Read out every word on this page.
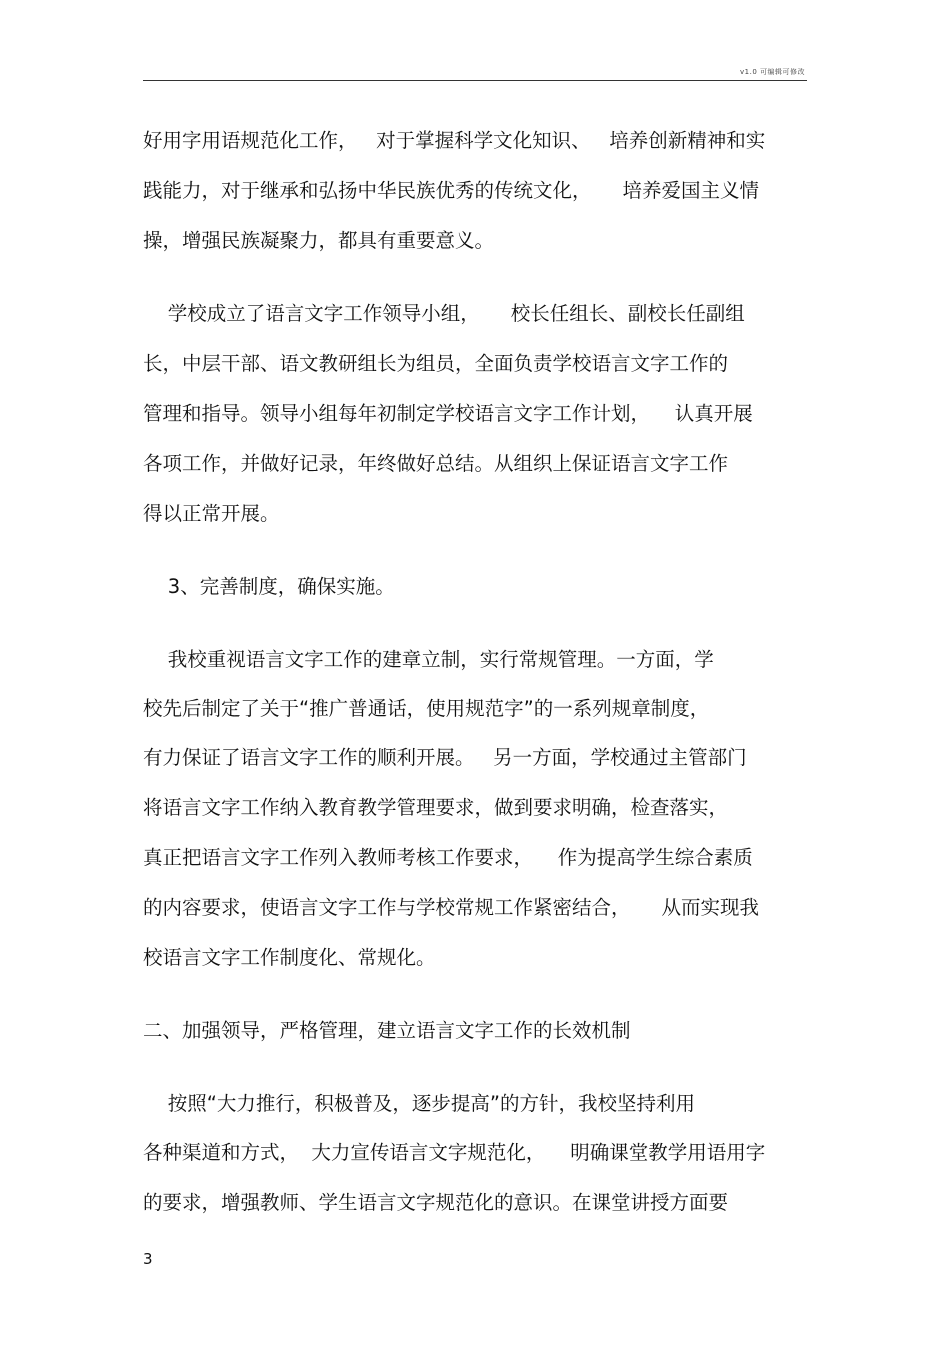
v1.0 可编辑可修改
好用字用语规范化工作，   对于掌握科学文化知识、   培养创新精神和实
践能力，对于继承和弘扬中华民族优秀的传统文化，     培养爱国主义情
操，增强民族凝聚力，都具有重要意义。
学校成立了语言文字工作领导小组，     校长任组长、副校长任副组
长，中层干部、语文教研组长为组员，全面负责学校语言文字工作的
管理和指导。领导小组每年初制定学校语言文字工作计划，    认真开展
各项工作，并做好记录，年终做好总结。从组织上保证语言文字工作
得以正常开展。
3、完善制度，确保实施。
我校重视语言文字工作的建章立制，实行常规管理。一方面，学
校先后制定了关于“推广普通话，使用规范字”的一系列规章制度，
有力保证了语言文字工作的顺利开展。   另一方面，学校通过主管部门
将语言文字工作纳入教育教学管理要求，做到要求明确，检查落实，
真正把语言文字工作列入教师考核工作要求，    作为提高学生综合素质
的内容要求，使语言文字工作与学校常规工作紧密结合，     从而实现我
校语言文字工作制度化、常规化。
二、加强领导，严格管理，建立语言文字工作的长效机制
按照“大力推行，积极普及，逐步提高”的方针，我校坚持利用
各种渠道和方式，  大力宣传语言文字规范化，    明确课堂教学用语用字
的要求，增强教师、学生语言文字规范化的意识。在课堂讲授方面要
3
